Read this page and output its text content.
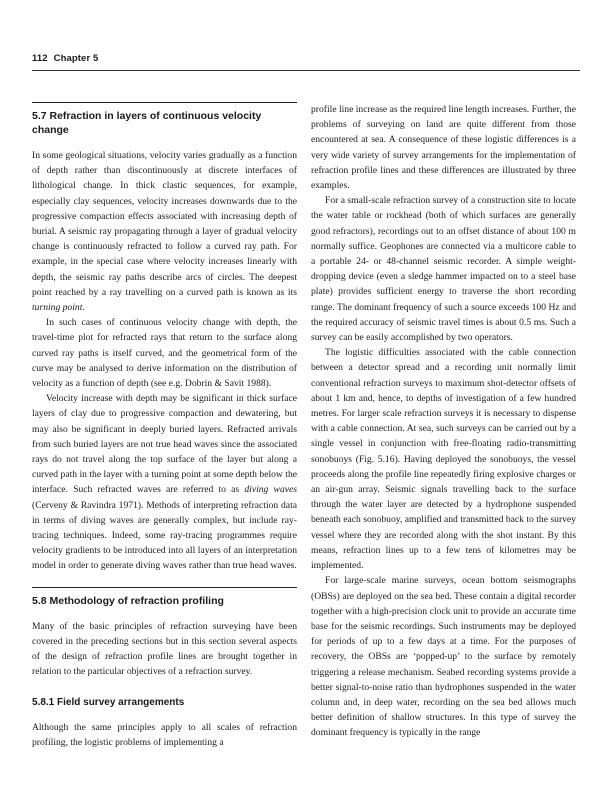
112 Chapter 5
5.7 Refraction in layers of continuous velocity change

In some geological situations, velocity varies gradually as a function of depth rather than discontinuously at discrete interfaces of lithological change. In thick clastic sequences, for example, especially clay sequences, velocity increases downwards due to the progressive compaction effects associated with increasing depth of burial. A seismic ray propagating through a layer of gradual velocity change is continuously refracted to follow a curved ray path. For example, in the special case where velocity increases linearly with depth, the seismic ray paths describe arcs of circles. The deepest point reached by a ray travelling on a curved path is known as its turning point.

In such cases of continuous velocity change with depth, the travel-time plot for refracted rays that return to the surface along curved ray paths is itself curved, and the geometrical form of the curve may be analysed to derive information on the distribution of velocity as a function of depth (see e.g. Dobrin & Savit 1988).

Velocity increase with depth may be significant in thick surface layers of clay due to progressive compaction and dewatering, but may also be significant in deeply buried layers. Refracted arrivals from such buried layers are not true head waves since the associated rays do not travel along the top surface of the layer but along a curved path in the layer with a turning point at some depth below the interface. Such refracted waves are referred to as diving waves (Cerveny & Ravindra 1971). Methods of interpreting refraction data in terms of diving waves are generally complex, but include ray-tracing techniques. Indeed, some ray-tracing programmes require velocity gradients to be introduced into all layers of an interpretation model in order to generate diving waves rather than true head waves.

5.8 Methodology of refraction profiling

Many of the basic principles of refraction surveying have been covered in the preceding sections but in this section several aspects of the design of refraction profile lines are brought together in relation to the particular objectives of a refraction survey.

5.8.1 Field survey arrangements

Although the same principles apply to all scales of refraction profiling, the logistic problems of implementing a

profile line increase as the required line length increases. Further, the problems of surveying on land are quite different from those encountered at sea. A consequence of these logistic differences is a very wide variety of survey arrangements for the implementation of refraction profile lines and these differences are illustrated by three examples.

For a small-scale refraction survey of a construction site to locate the water table or rockhead (both of which surfaces are generally good refractors), recordings out to an offset distance of about 100 m normally suffice. Geophones are connected via a multicore cable to a portable 24- or 48-channel seismic recorder. A simple weight-dropping device (even a sledge hammer impacted on to a steel base plate) provides sufficient energy to traverse the short recording range. The dominant frequency of such a source exceeds 100 Hz and the required accuracy of seismic travel times is about 0.5 ms. Such a survey can be easily accomplished by two operators.

The logistic difficulties associated with the cable connection between a detector spread and a recording unit normally limit conventional refraction surveys to maximum shot-detector offsets of about 1 km and, hence, to depths of investigation of a few hundred metres. For larger scale refraction surveys it is necessary to dispense with a cable connection. At sea, such surveys can be carried out by a single vessel in conjunction with free-floating radio-transmitting sonobuoys (Fig. 5.16). Having deployed the sonobuoys, the vessel proceeds along the profile line repeatedly firing explosive charges or an air-gun array. Seismic signals travelling back to the surface through the water layer are detected by a hydrophone suspended beneath each sonobuoy, amplified and transmitted back to the survey vessel where they are recorded along with the shot instant. By this means, refraction lines up to a few tens of kilometres may be implemented.

For large-scale marine surveys, ocean bottom seismographs (OBSs) are deployed on the sea bed. These contain a digital recorder together with a high-precision clock unit to provide an accurate time base for the seismic recordings. Such instruments may be deployed for periods of up to a few days at a time. For the purposes of recovery, the OBSs are ‘popped-up’ to the surface by remotely triggering a release mechanism. Seabed recording systems provide a better signal-to-noise ratio than hydrophones suspended in the water column and, in deep water, recording on the sea bed allows much better definition of shallow structures. In this type of survey the dominant frequency is typically in the range
